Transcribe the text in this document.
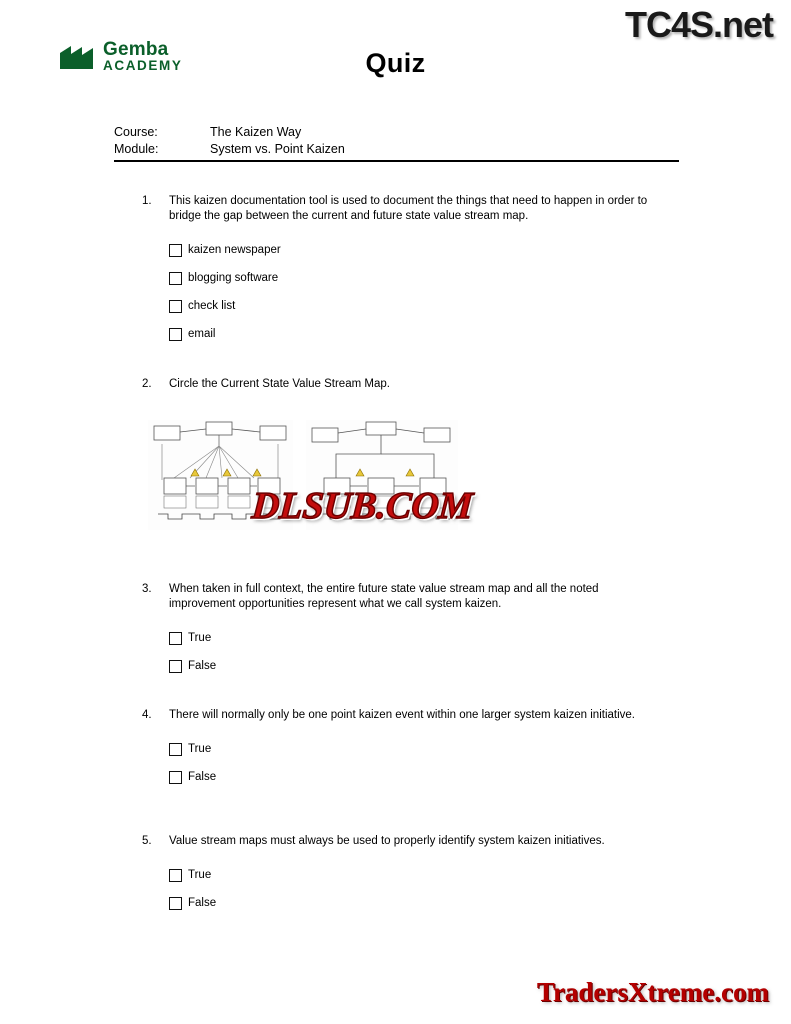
Gemba
ACADEMY	Quiz
Course:	The Kaizen Way
Module:	System vs. Point Kaizen
1.	This kaizen documentation tool is used to document the things that need to happen in order to bridge the gap between the current and future state value stream map.
kaizen newspaper
blogging software
check list
email
2.	Circle the Current State Value Stream Map.
3.	When taken in full context, the entire future state value stream map and all the noted improvement opportunities represent what we call system kaizen.
True
False
4.	There will normally only be one point kaizen event within one larger system kaizen initiative.
True
False
5.	Value stream maps must always be used to properly identify system kaizen initiatives.
True
False
TC4S.net
DLSUB.COM
TradersXtreme.com
